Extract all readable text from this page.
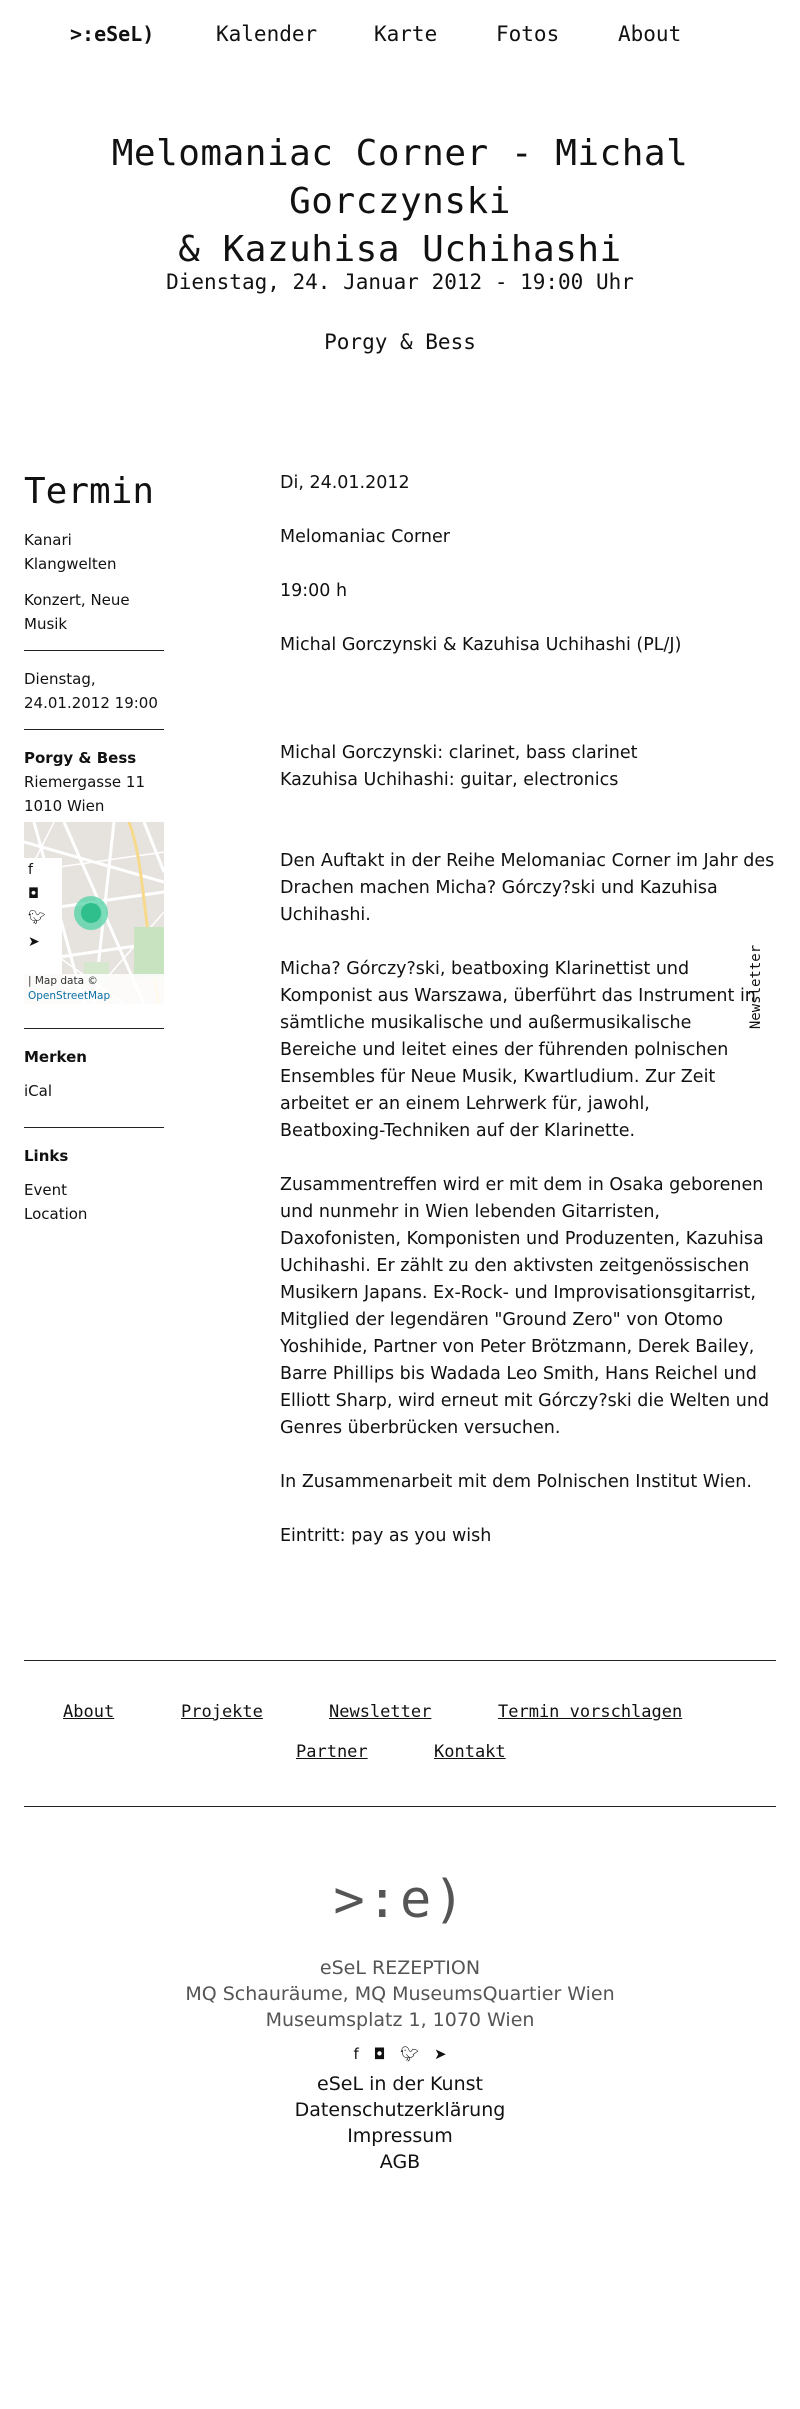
>:eSeL)	Kalender	Karte	Fotos	About
Melomaniac Corner - Michal Gorczynski
& Kazuhisa Uchihashi
Dienstag, 24. Januar 2012 - 19:00 Uhr
Porgy & Bess
Termin
Kanari Klangwelten
Konzert, Neue Musik
Dienstag, 24.01.2012 19:00
Porgy & Bess
Riemergasse 11
1010 Wien
f
◘
🐦︎
➤
| Map data ©
OpenStreetMap
Merken
iCal
Links
Event
Location
Di, 24.01.2012
Melomaniac Corner
19:00 h
Michal Gorczynski & Kazuhisa Uchihashi (PL/J)
Michal Gorczynski: clarinet, bass clarinet
Kazuhisa Uchihashi: guitar, electronics
Den Auftakt in der Reihe Melomaniac Corner im Jahr des Drachen machen Micha? Górczy?ski und Kazuhisa Uchihashi.
Micha? Górczy?ski, beatboxing Klarinettist und Komponist aus Warszawa, überführt das Instrument in sämtliche musikalische und außermusikalische Bereiche und leitet eines der führenden polnischen Ensembles für Neue Musik, Kwartludium. Zur Zeit arbeitet er an einem Lehrwerk für, jawohl, Beatboxing-Techniken auf der Klarinette.
Zusammentreffen wird er mit dem in Osaka geborenen und nunmehr in Wien lebenden Gitarristen, Daxofonisten, Komponisten und Produzenten, Kazuhisa Uchihashi. Er zählt zu den aktivsten zeitgenössischen Musikern Japans. Ex-Rock- und Improvisationsgitarrist, Mitglied der legendären "Ground Zero" von Otomo Yoshihide, Partner von Peter Brötzmann, Derek Bailey, Barre Phillips bis Wadada Leo Smith, Hans Reichel und Elliott Sharp, wird erneut mit Górczy?ski die Welten und Genres überbrücken versuchen.
In Zusammenarbeit mit dem Polnischen Institut Wien.
Eintritt: pay as you wish
Newsletter
About	Projekte	Newsletter	Termin vorschlagen
Partner	Kontakt
>:e)
eSeL REZEPTION
MQ Schauräume, MQ MuseumsQuartier Wien
Museumsplatz 1, 1070 Wien
f ◘ 🐦︎ ➤
eSeL in der Kunst
Datenschutzerklärung
Impressum
AGB
